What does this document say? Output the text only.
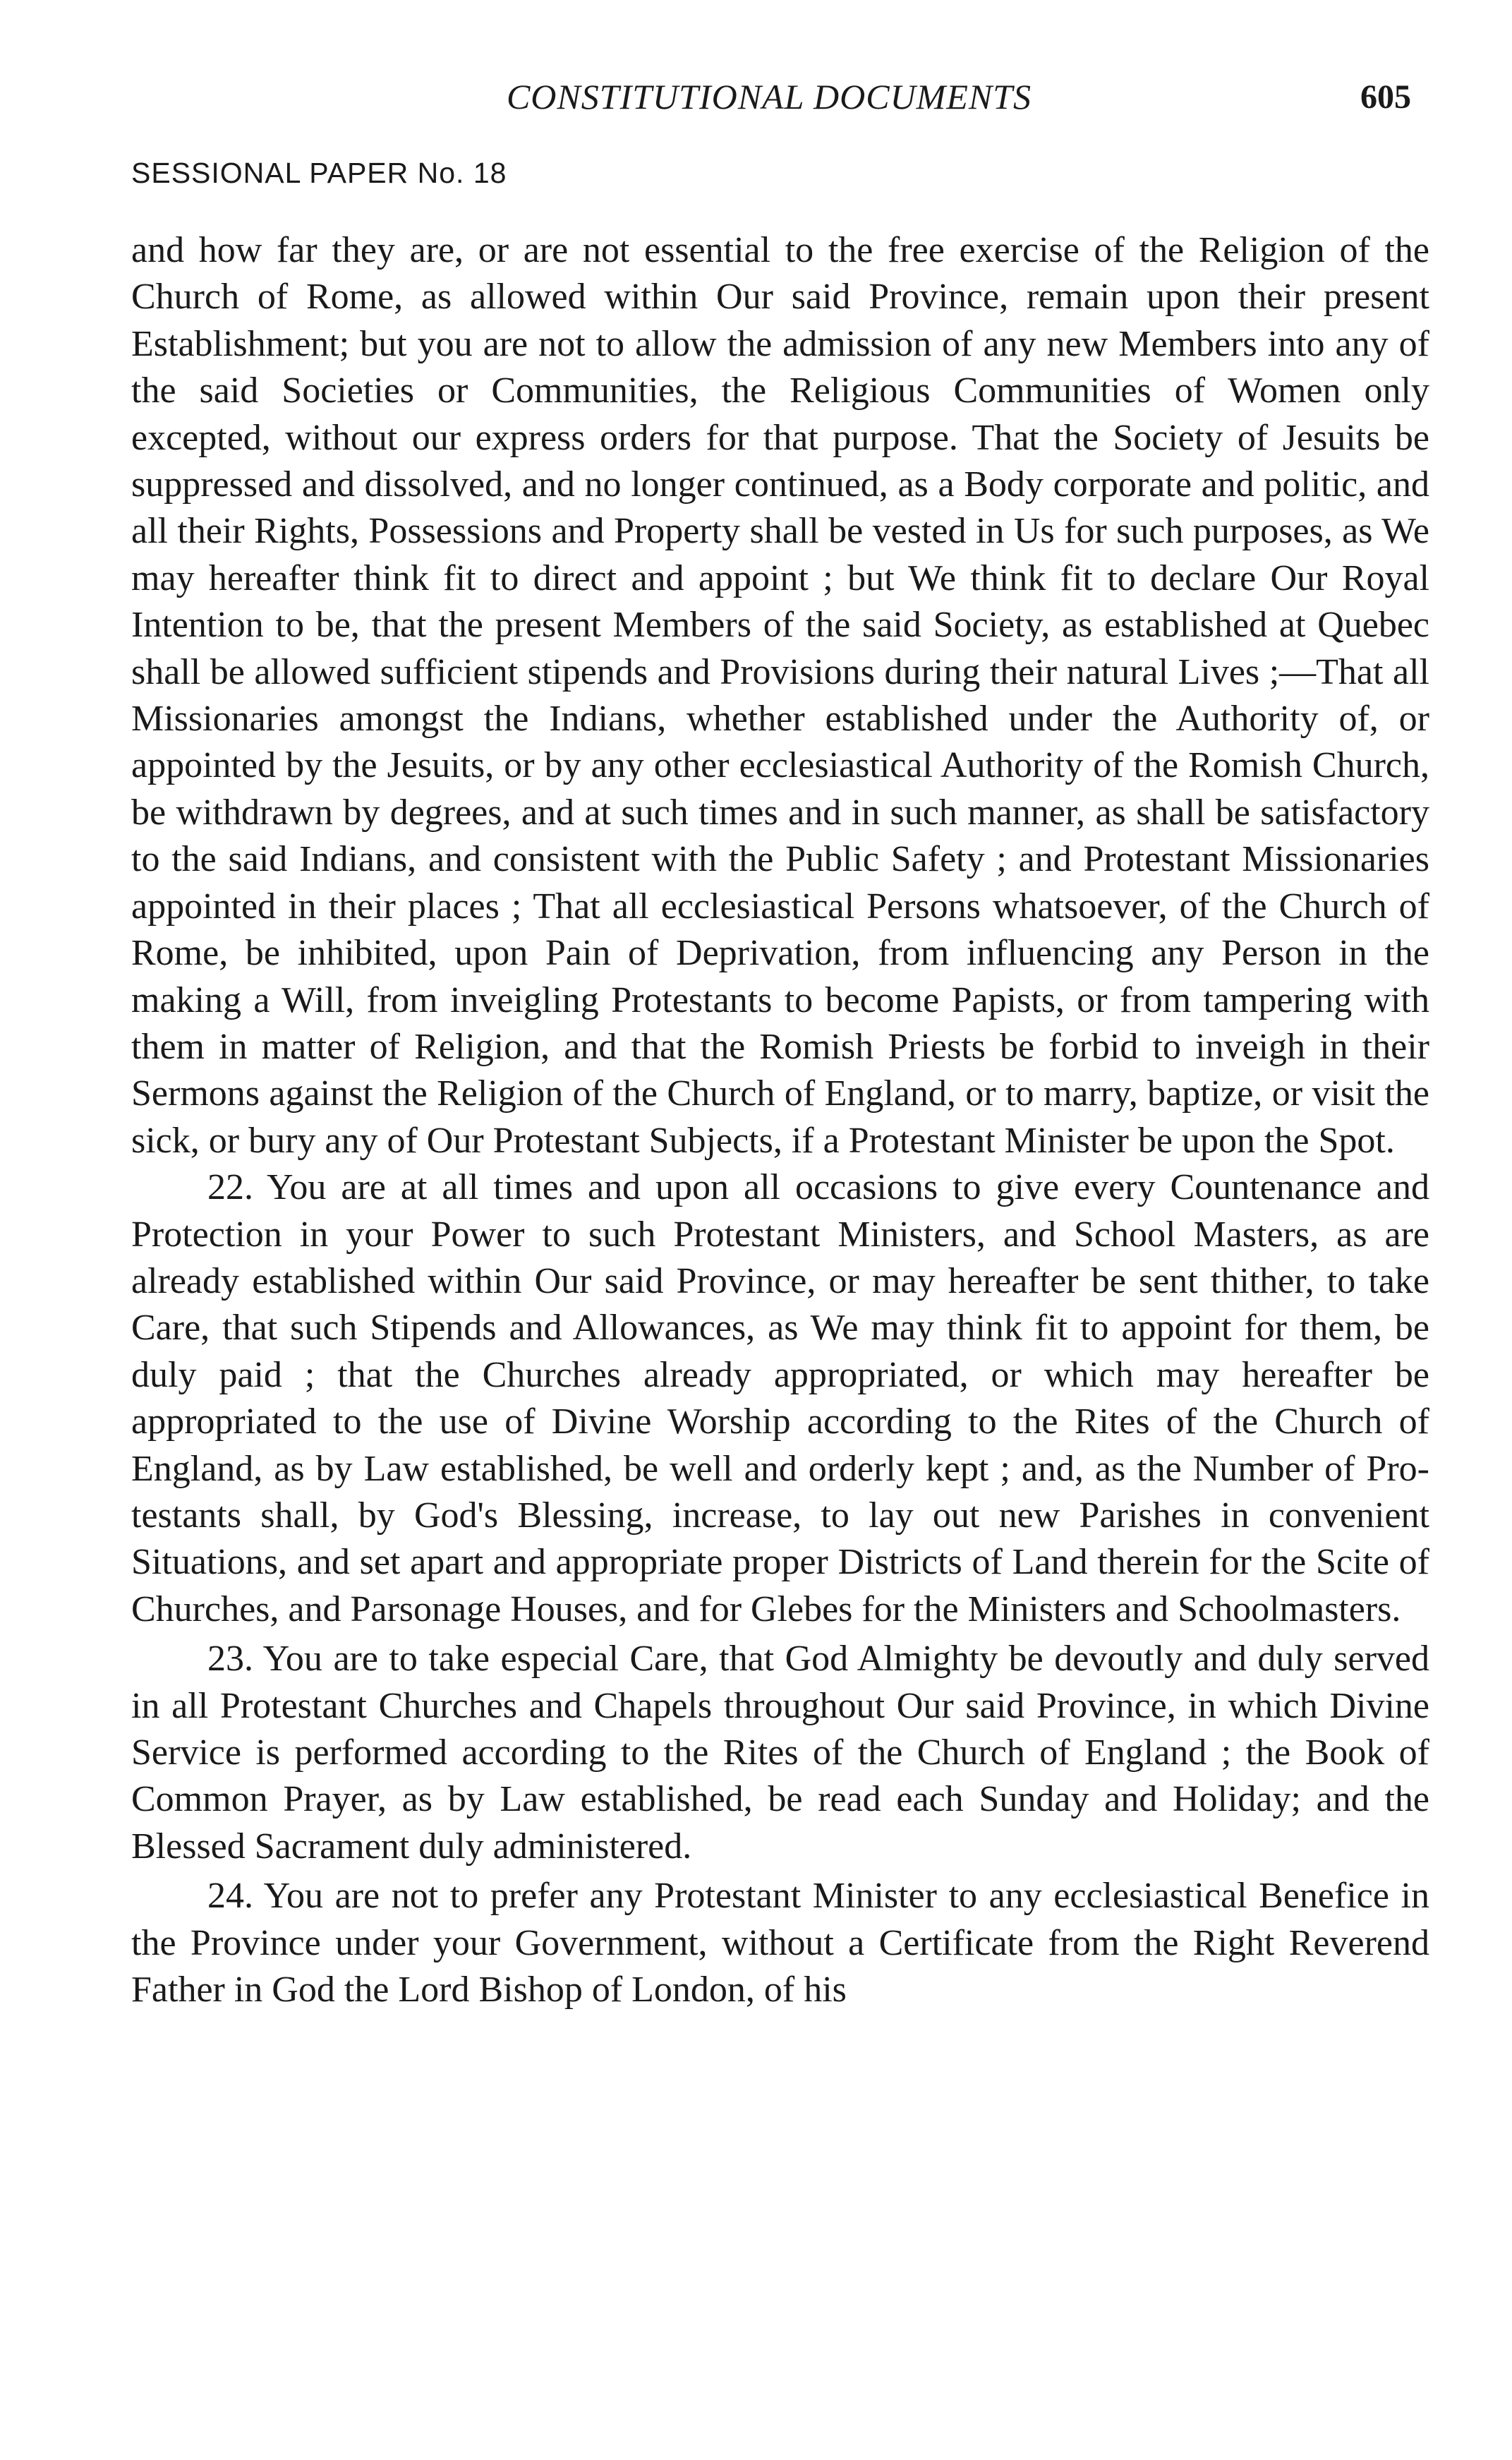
CONSTITUTIONAL DOCUMENTS	605
SESSIONAL PAPER No. 18

and how far they are, or are not essential to the free exercise of the Religion of the Church of Rome, as allowed within Our said Province, remain upon their present Establishment; but you are not to allow the admission of any new Members into any of the said Societies or Communities, the Religious Communities of Women only excepted, without our express orders for that purpose. That the Society of Jesuits be suppressed and dissolved, and no longer continued, as a Body corporate and politic, and all their Rights, Possessions and Property shall be vested in Us for such purposes, as We may hereafter think fit to direct and appoint ; but We think fit to declare Our Royal Intention to be, that the present Members of the said Society, as established at Quebec shall be allowed sufficient stipends and Provisions during their natural Lives ;—That all Missionaries amongst the Indians, whether established under the Authority of, or appointed by the Jesuits, or by any other ecclesiastical Authority of the Romish Church, be withdrawn by degrees, and at such times and in such manner, as shall be satisfactory to the said Indians, and consistent with the Public Safety ; and Protestant Missionaries appointed in their places ; That all ecclesiastical Persons whatsoever, of the Church of Rome, be inhibited, upon Pain of Deprivation, from influencing any Person in the making a Will, from inveigling Protestants to become Papists, or from tampering with them in matter of Religion, and that the Romish Priests be forbid to inveigh in their Sermons against the Religion of the Church of England, or to marry, baptize, or visit the sick, or bury any of Our Protestant Subjects, if a Protestant Minister be upon the Spot.

22. You are at all times and upon all occasions to give every Countenance and Protection in your Power to such Protestant Ministers, and School Masters, as are already established within Our said Province, or may hereafter be sent thither, to take Care, that such Stipends and Allowances, as We may think fit to appoint for them, be duly paid ; that the Churches already appropriated, or which may hereafter be appropriated to the use of Divine Worship according to the Rites of the Church of England, as by Law established, be well and orderly kept ; and, as the Number of Protestants shall, by God's Blessing, increase, to lay out new Parishes in convenient Situations, and set apart and appropriate proper Districts of Land therein for the Scite of Churches, and Parsonage Houses, and for Glebes for the Ministers and Schoolmasters.

23. You are to take especial Care, that God Almighty be devoutly and duly served in all Protestant Churches and Chapels throughout Our said Province, in which Divine Service is performed according to the Rites of the Church of England ; the Book of Common Prayer, as by Law established, be read each Sunday and Holiday; and the Blessed Sacrament duly administered.

24. You are not to prefer any Protestant Minister to any ecclesiastical Benefice in the Province under your Government, without a Certificate from the Right Reverend Father in God the Lord Bishop of London, of his
